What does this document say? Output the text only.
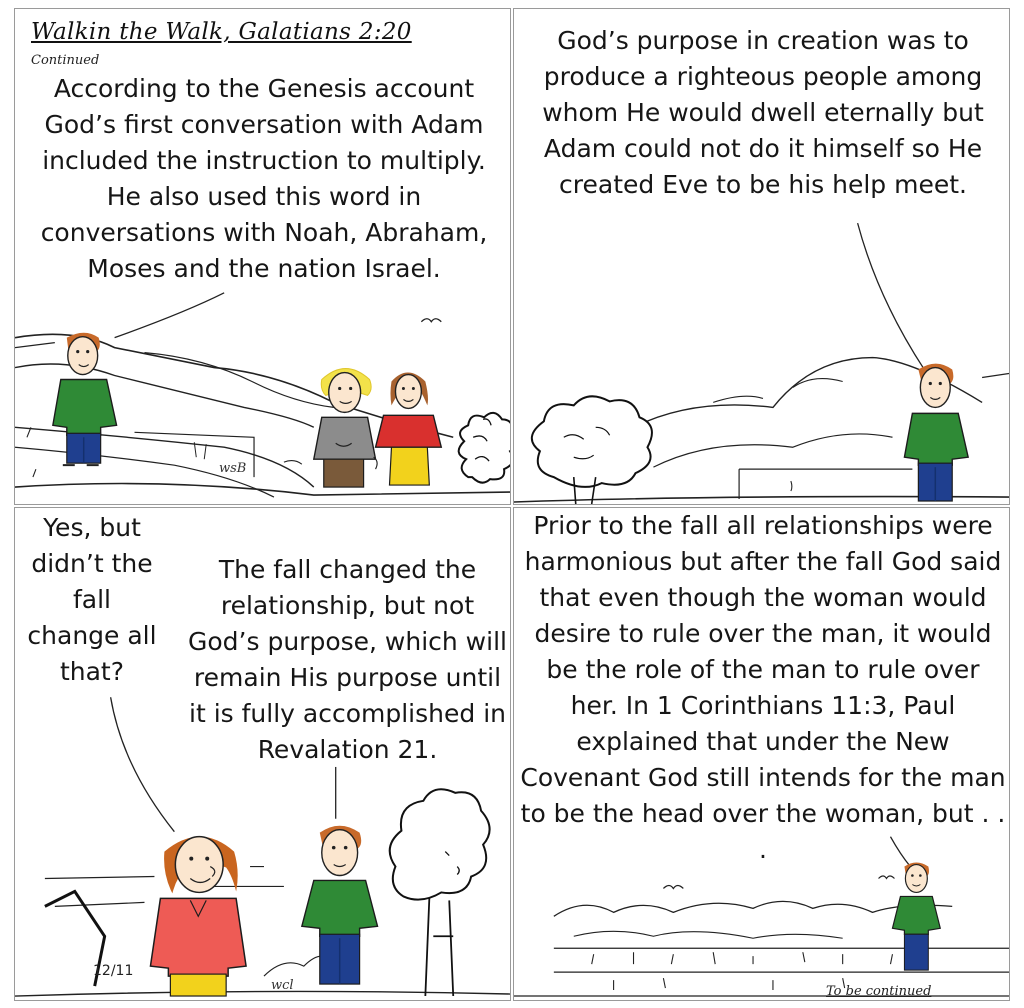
Walkin the Walk, Galatians 2:20
Continued
According to the Genesis account God’s first conversation with Adam included the instruction to multiply. He also used this word in conversations with Noah, Abraham, Moses and the nation Israel.
wsB
God’s purpose in creation was to produce a righteous people among whom He would dwell eternally but Adam could not do it himself so He created Eve to be his help meet.
Yes, but didn’t the fall change all that?
The fall changed the relationship, but not God’s purpose, which will remain His purpose until it is fully accomplished in Revalation 21.
12/11
wcl
Prior to the fall all relationships were harmonious but after the fall God said that even though the woman would desire to rule over the man, it would be the role of the man to rule over her. In 1 Corinthians 11:3, Paul explained that under the New Covenant God still intends for the man to be the head over the woman, but . . .
To be continued
